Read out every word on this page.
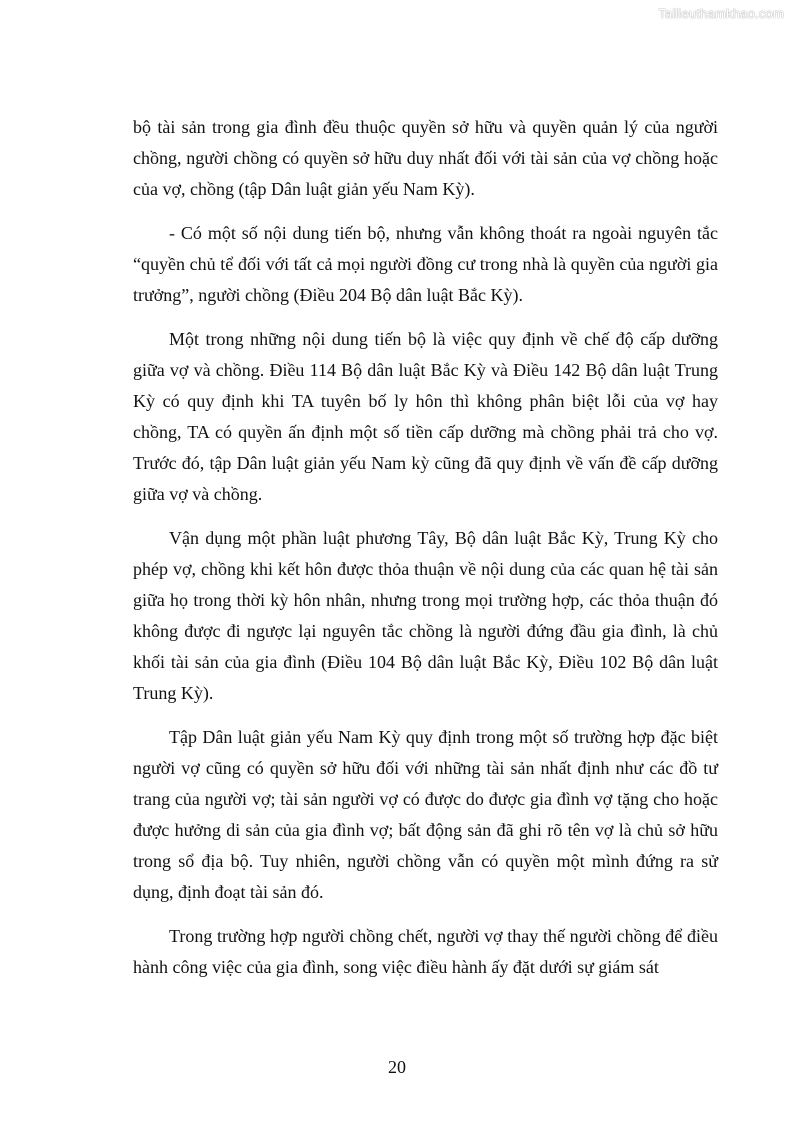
Tailieuthamkhao.com

bộ tài sản trong gia đình đều thuộc quyền sở hữu và quyền quản lý của người chồng, người chồng có quyền sở hữu duy nhất đối với tài sản của vợ chồng hoặc của vợ, chồng (tập Dân luật giản yếu Nam Kỳ).

- Có một số nội dung tiến bộ, nhưng vẫn không thoát ra ngoài nguyên tắc “quyền chủ tể đối với tất cả mọi người đồng cư trong nhà là quyền của người gia trưởng”, người chồng (Điều 204 Bộ dân luật Bắc Kỳ).

Một trong những nội dung tiến bộ là việc quy định về chế độ cấp dưỡng giữa vợ và chồng. Điều 114 Bộ dân luật Bắc Kỳ và Điều 142 Bộ dân luật Trung Kỳ có quy định khi TA tuyên bố ly hôn thì không phân biệt lỗi của vợ hay chồng, TA có quyền ấn định một số tiền cấp dưỡng mà chồng phải trả cho vợ. Trước đó, tập Dân luật giản yếu Nam kỳ cũng đã quy định về vấn đề cấp dưỡng giữa vợ và chồng.

Vận dụng một phần luật phương Tây, Bộ dân luật Bắc Kỳ, Trung Kỳ cho phép vợ, chồng khi kết hôn được thỏa thuận về nội dung của các quan hệ tài sản giữa họ trong thời kỳ hôn nhân, nhưng trong mọi trường hợp, các thỏa thuận đó không được đi ngược lại nguyên tắc chồng là người đứng đầu gia đình, là chủ khối tài sản của gia đình (Điều 104 Bộ dân luật Bắc Kỳ, Điều 102 Bộ dân luật Trung Kỳ).

Tập Dân luật giản yếu Nam Kỳ quy định trong một số trường hợp đặc biệt người vợ cũng có quyền sở hữu đối với những tài sản nhất định như các đồ tư trang của người vợ; tài sản người vợ có được do được gia đình vợ tặng cho hoặc được hưởng di sản của gia đình vợ; bất động sản đã ghi rõ tên vợ là chủ sở hữu trong sổ địa bộ. Tuy nhiên, người chồng vẫn có quyền một mình đứng ra sử dụng, định đoạt tài sản đó.

Trong trường hợp người chồng chết, người vợ thay thế người chồng để điều hành công việc của gia đình, song việc điều hành ấy đặt dưới sự giám sát

20
